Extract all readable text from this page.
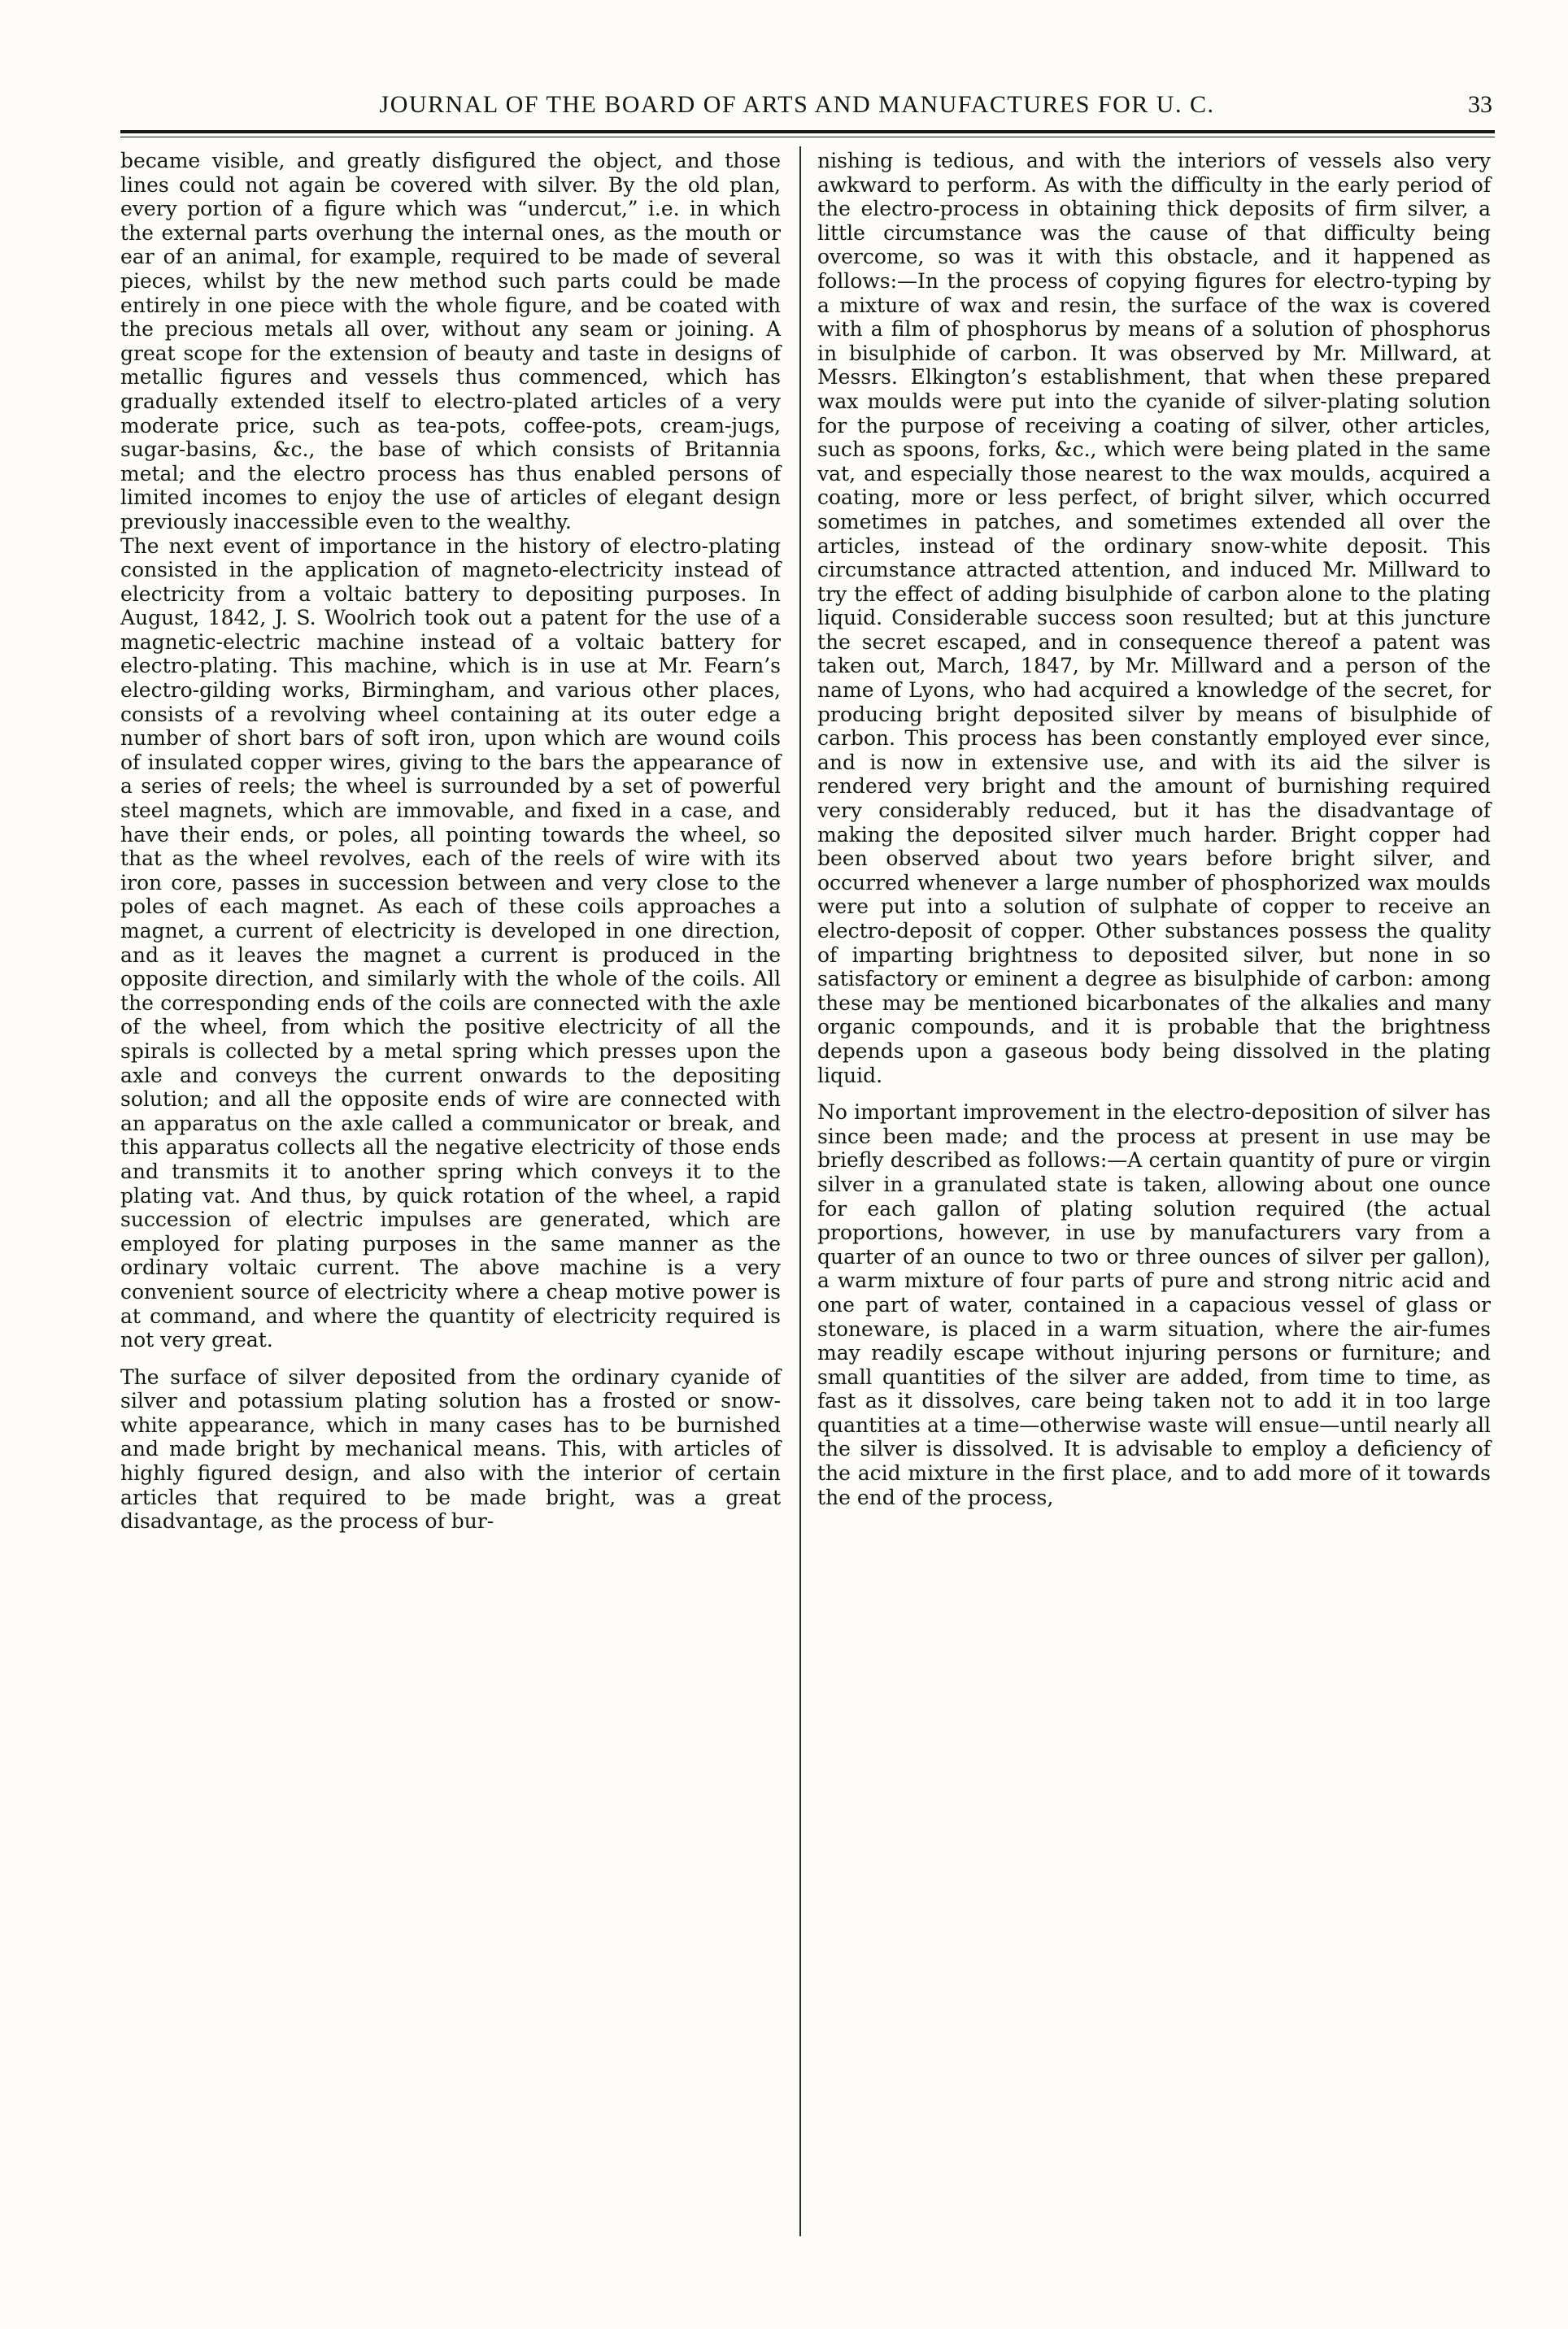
JOURNAL OF THE BOARD OF ARTS AND MANUFACTURES FOR U. C.	33

became visible, and greatly disfigured the object, and those lines could not again be covered with silver. By the old plan, every portion of a figure which was “undercut,” i.e. in which the external parts overhung the internal ones, as the mouth or ear of an animal, for example, required to be made of several pieces, whilst by the new method such parts could be made entirely in one piece with the whole figure, and be coated with the precious metals all over, without any seam or joining. A great scope for the extension of beauty and taste in designs of metallic figures and vessels thus commenced, which has gradually extended itself to electro-plated articles of a very moderate price, such as tea-pots, coffee-pots, cream-jugs, sugar-basins, &c., the base of which consists of Britannia metal; and the electro process has thus enabled persons of limited incomes to enjoy the use of articles of elegant design previously inaccessible even to the wealthy.

The next event of importance in the history of electro-plating consisted in the application of magneto-electricity instead of electricity from a voltaic battery to depositing purposes. In August, 1842, J. S. Woolrich took out a patent for the use of a magnetic-electric machine instead of a voltaic battery for electro-plating. This machine, which is in use at Mr. Fearn’s electro-gilding works, Birmingham, and various other places, consists of a revolving wheel containing at its outer edge a number of short bars of soft iron, upon which are wound coils of insulated copper wires, giving to the bars the appearance of a series of reels; the wheel is surrounded by a set of powerful steel magnets, which are immovable, and fixed in a case, and have their ends, or poles, all pointing towards the wheel, so that as the wheel revolves, each of the reels of wire with its iron core, passes in succession between and very close to the poles of each magnet. As each of these coils approaches a magnet, a current of electricity is developed in one direction, and as it leaves the magnet a current is produced in the opposite direction, and similarly with the whole of the coils. All the corresponding ends of the coils are connected with the axle of the wheel, from which the positive electricity of all the spirals is collected by a metal spring which presses upon the axle and conveys the current onwards to the depositing solution; and all the opposite ends of wire are connected with an apparatus on the axle called a communicator or break, and this apparatus collects all the negative electricity of those ends and transmits it to another spring which conveys it to the plating vat. And thus, by quick rotation of the wheel, a rapid succession of electric impulses are generated, which are employed for plating purposes in the same manner as the ordinary voltaic current. The above machine is a very convenient source of electricity where a cheap motive power is at command, and where the quantity of electricity required is not very great.

The surface of silver deposited from the ordinary cyanide of silver and potassium plating solution has a frosted or snow-white appearance, which in many cases has to be burnished and made bright by mechanical means. This, with articles of highly figured design, and also with the interior of certain articles that required to be made bright, was a great disadvantage, as the process of bur-

nishing is tedious, and with the interiors of vessels also very awkward to perform. As with the difficulty in the early period of the electro-process in obtaining thick deposits of firm silver, a little circumstance was the cause of that difficulty being overcome, so was it with this obstacle, and it happened as follows:—In the process of copying figures for electro-typing by a mixture of wax and resin, the surface of the wax is covered with a film of phosphorus by means of a solution of phosphorus in bisulphide of carbon. It was observed by Mr. Millward, at Messrs. Elkington’s establishment, that when these prepared wax moulds were put into the cyanide of silver-plating solution for the purpose of receiving a coating of silver, other articles, such as spoons, forks, &c., which were being plated in the same vat, and especially those nearest to the wax moulds, acquired a coating, more or less perfect, of bright silver, which occurred sometimes in patches, and sometimes extended all over the articles, instead of the ordinary snow-white deposit. This circumstance attracted attention, and induced Mr. Millward to try the effect of adding bisulphide of carbon alone to the plating liquid. Considerable success soon resulted; but at this juncture the secret escaped, and in consequence thereof a patent was taken out, March, 1847, by Mr. Millward and a person of the name of Lyons, who had acquired a knowledge of the secret, for producing bright deposited silver by means of bisulphide of carbon. This process has been constantly employed ever since, and is now in extensive use, and with its aid the silver is rendered very bright and the amount of burnishing required very considerably reduced, but it has the disadvantage of making the deposited silver much harder. Bright copper had been observed about two years before bright silver, and occurred whenever a large number of phosphorized wax moulds were put into a solution of sulphate of copper to receive an electro-deposit of copper. Other substances possess the quality of imparting brightness to deposited silver, but none in so satisfactory or eminent a degree as bisulphide of carbon: among these may be mentioned bicarbonates of the alkalies and many organic compounds, and it is probable that the brightness depends upon a gaseous body being dissolved in the plating liquid.

No important improvement in the electro-deposition of silver has since been made; and the process at present in use may be briefly described as follows:—A certain quantity of pure or virgin silver in a granulated state is taken, allowing about one ounce for each gallon of plating solution required (the actual proportions, however, in use by manufacturers vary from a quarter of an ounce to two or three ounces of silver per gallon), a warm mixture of four parts of pure and strong nitric acid and one part of water, contained in a capacious vessel of glass or stoneware, is placed in a warm situation, where the air-fumes may readily escape without injuring persons or furniture; and small quantities of the silver are added, from time to time, as fast as it dissolves, care being taken not to add it in too large quantities at a time—otherwise waste will ensue—until nearly all the silver is dissolved. It is advisable to employ a deficiency of the acid mixture in the first place, and to add more of it towards the end of the process,
